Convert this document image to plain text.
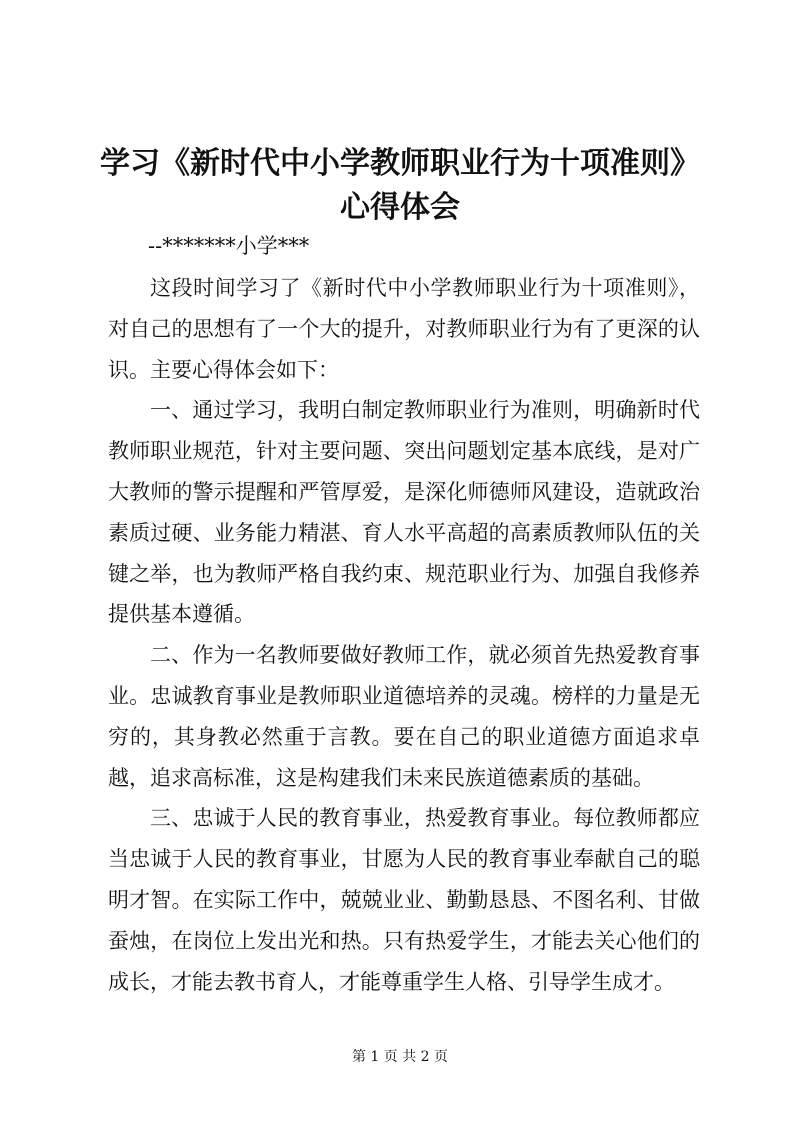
学习《新时代中小学教师职业行为十项准则》
心得体会

--*******小学***

这段时间学习了《新时代中小学教师职业行为十项准则》，对自己的思想有了一个大的提升，对教师职业行为有了更深的认识。主要心得体会如下：

一、通过学习，我明白制定教师职业行为准则，明确新时代教师职业规范，针对主要问题、突出问题划定基本底线，是对广大教师的警示提醒和严管厚爱，是深化师德师风建设，造就政治素质过硬、业务能力精湛、育人水平高超的高素质教师队伍的关键之举，也为教师严格自我约束、规范职业行为、加强自我修养提供基本遵循。

二、作为一名教师要做好教师工作，就必须首先热爱教育事业。忠诚教育事业是教师职业道德培养的灵魂。榜样的力量是无穷的，其身教必然重于言教。要在自己的职业道德方面追求卓越，追求高标准，这是构建我们未来民族道德素质的基础。

三、忠诚于人民的教育事业，热爱教育事业。每位教师都应当忠诚于人民的教育事业，甘愿为人民的教育事业奉献自己的聪明才智。在实际工作中，兢兢业业、勤勤恳恳、不图名利、甘做蚕烛，在岗位上发出光和热。只有热爱学生，才能去关心他们的成长，才能去教书育人，才能尊重学生人格、引导学生成才。

第 1 页 共 2 页
